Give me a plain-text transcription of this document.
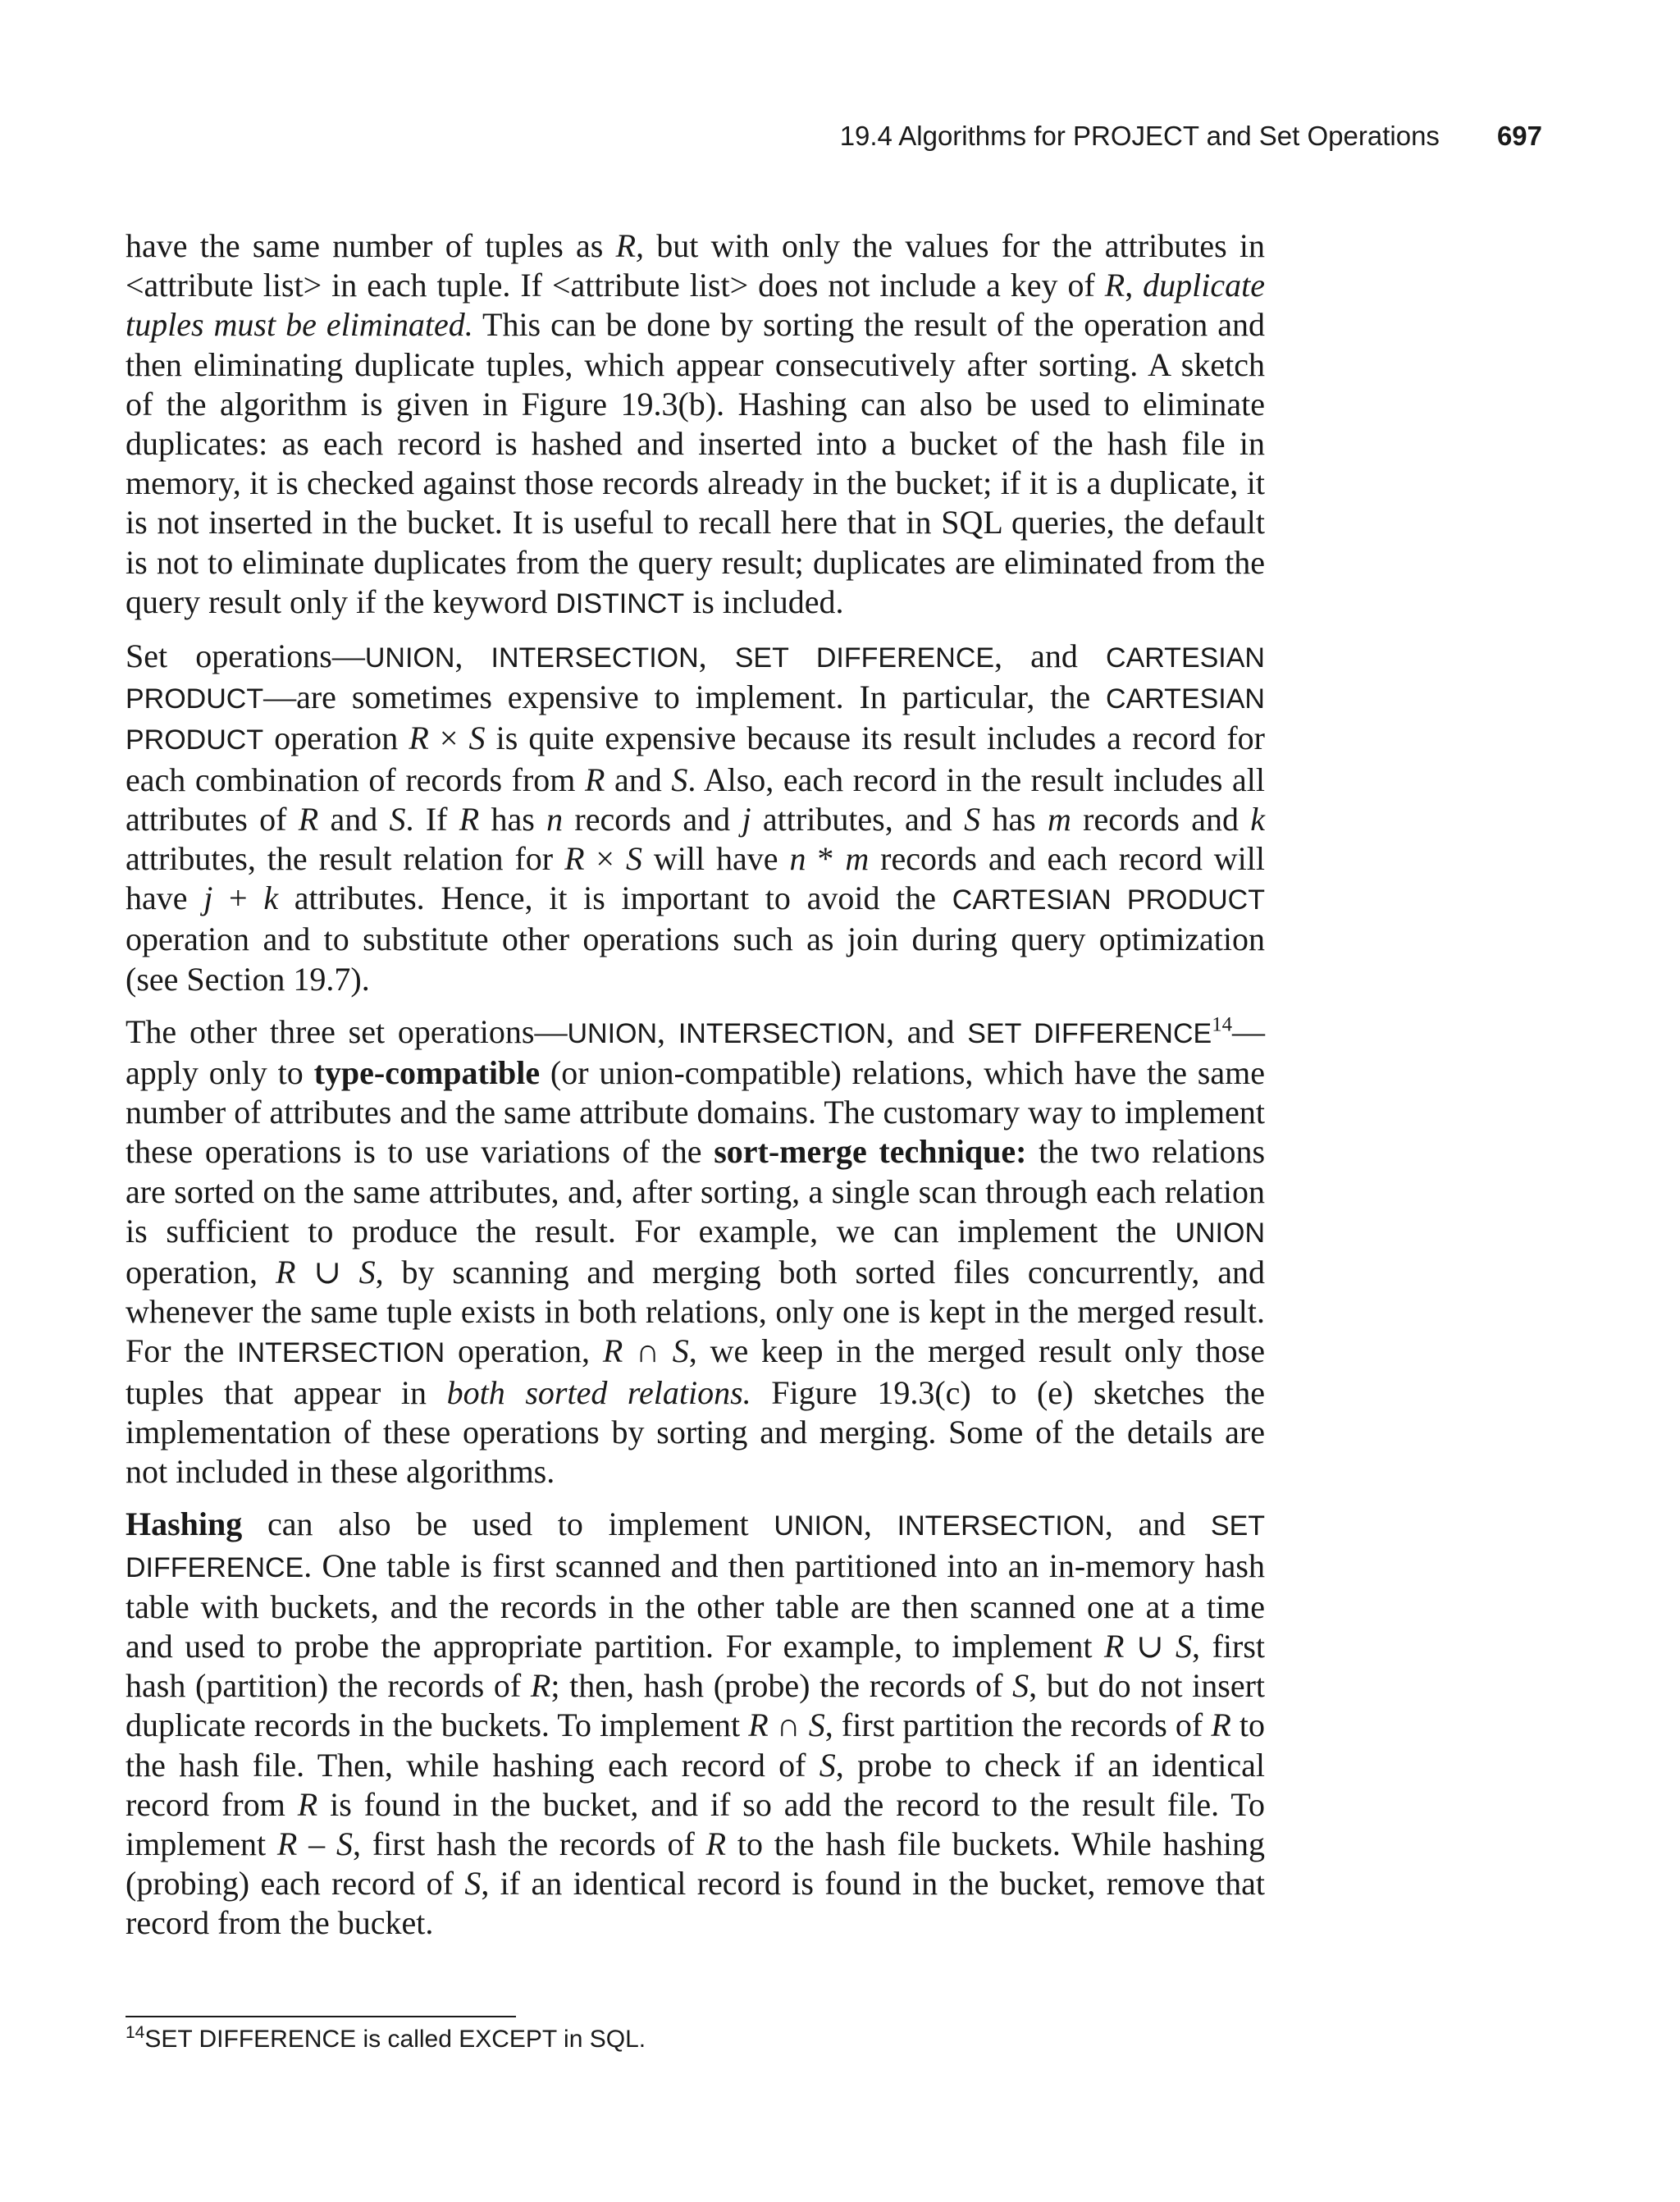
19.4 Algorithms for PROJECT and Set Operations 697

have the same number of tuples as R, but with only the values for the attributes in <attribute list> in each tuple. If <attribute list> does not include a key of R, duplicate tuples must be eliminated. This can be done by sorting the result of the operation and then eliminating duplicate tuples, which appear consecutively after sorting. A sketch of the algorithm is given in Figure 19.3(b). Hashing can also be used to eliminate duplicates: as each record is hashed and inserted into a bucket of the hash file in memory, it is checked against those records already in the bucket; if it is a duplicate, it is not inserted in the bucket. It is useful to recall here that in SQL queries, the default is not to eliminate duplicates from the query result; duplicates are eliminated from the query result only if the keyword DISTINCT is included.

Set operations—UNION, INTERSECTION, SET DIFFERENCE, and CARTESIAN PRODUCT—are sometimes expensive to implement. In particular, the CARTESIAN PRODUCT operation R × S is quite expensive because its result includes a record for each combination of records from R and S. Also, each record in the result includes all attributes of R and S. If R has n records and j attributes, and S has m records and k attributes, the result relation for R × S will have n * m records and each record will have j + k attributes. Hence, it is important to avoid the CARTESIAN PRODUCT operation and to substitute other operations such as join during query optimization (see Section 19.7).

The other three set operations—UNION, INTERSECTION, and SET DIFFERENCE$^{14}$—apply only to type-compatible (or union-compatible) relations, which have the same number of attributes and the same attribute domains. The customary way to implement these operations is to use variations of the sort-merge technique: the two relations are sorted on the same attributes, and, after sorting, a single scan through each relation is sufficient to produce the result. For example, we can implement the UNION operation, R ∪ S, by scanning and merging both sorted files concurrently, and whenever the same tuple exists in both relations, only one is kept in the merged result. For the INTERSECTION operation, R ∩ S, we keep in the merged result only those tuples that appear in both sorted relations. Figure 19.3(c) to (e) sketches the implementation of these operations by sorting and merging. Some of the details are not included in these algorithms.

Hashing can also be used to implement UNION, INTERSECTION, and SET DIFFERENCE. One table is first scanned and then partitioned into an in-memory hash table with buckets, and the records in the other table are then scanned one at a time and used to probe the appropriate partition. For example, to implement R ∪ S, first hash (partition) the records of R; then, hash (probe) the records of S, but do not insert duplicate records in the buckets. To implement R ∩ S, first partition the records of R to the hash file. Then, while hashing each record of S, probe to check if an identical record from R is found in the bucket, and if so add the record to the result file. To implement R – S, first hash the records of R to the hash file buckets. While hashing (probing) each record of S, if an identical record is found in the bucket, remove that record from the bucket.

$^{14}$SET DIFFERENCE is called EXCEPT in SQL.
